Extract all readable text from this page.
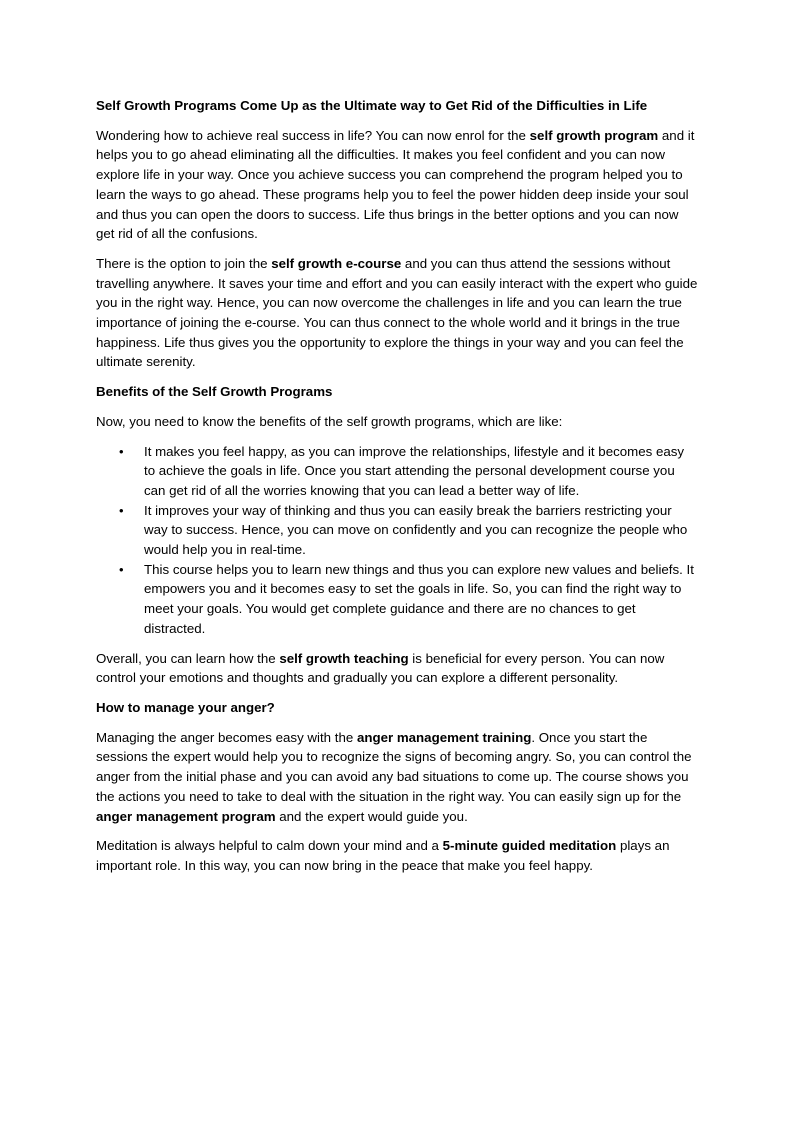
Self Growth Programs Come Up as the Ultimate way to Get Rid of the Difficulties in Life

Wondering how to achieve real success in life? You can now enrol for the self growth program and it helps you to go ahead eliminating all the difficulties. It makes you feel confident and you can now explore life in your way. Once you achieve success you can comprehend the program helped you to learn the ways to go ahead. These programs help you to feel the power hidden deep inside your soul and thus you can open the doors to success. Life thus brings in the better options and you can now get rid of all the confusions.

There is the option to join the self growth e-course and you can thus attend the sessions without travelling anywhere. It saves your time and effort and you can easily interact with the expert who guide you in the right way. Hence, you can now overcome the challenges in life and you can learn the true importance of joining the e-course. You can thus connect to the whole world and it brings in the true happiness. Life thus gives you the opportunity to explore the things in your way and you can feel the ultimate serenity.

Benefits of the Self Growth Programs

Now, you need to know the benefits of the self growth programs, which are like:

• It makes you feel happy, as you can improve the relationships, lifestyle and it becomes easy to achieve the goals in life. Once you start attending the personal development course you can get rid of all the worries knowing that you can lead a better way of life.
• It improves your way of thinking and thus you can easily break the barriers restricting your way to success. Hence, you can move on confidently and you can recognize the people who would help you in real-time.
• This course helps you to learn new things and thus you can explore new values and beliefs. It empowers you and it becomes easy to set the goals in life. So, you can find the right way to meet your goals. You would get complete guidance and there are no chances to get distracted.

Overall, you can learn how the self growth teaching is beneficial for every person. You can now control your emotions and thoughts and gradually you can explore a different personality.

How to manage your anger?

Managing the anger becomes easy with the anger management training. Once you start the sessions the expert would help you to recognize the signs of becoming angry. So, you can control the anger from the initial phase and you can avoid any bad situations to come up. The course shows you the actions you need to take to deal with the situation in the right way. You can easily sign up for the anger management program and the expert would guide you.

Meditation is always helpful to calm down your mind and a 5-minute guided meditation plays an important role. In this way, you can now bring in the peace that make you feel happy.
